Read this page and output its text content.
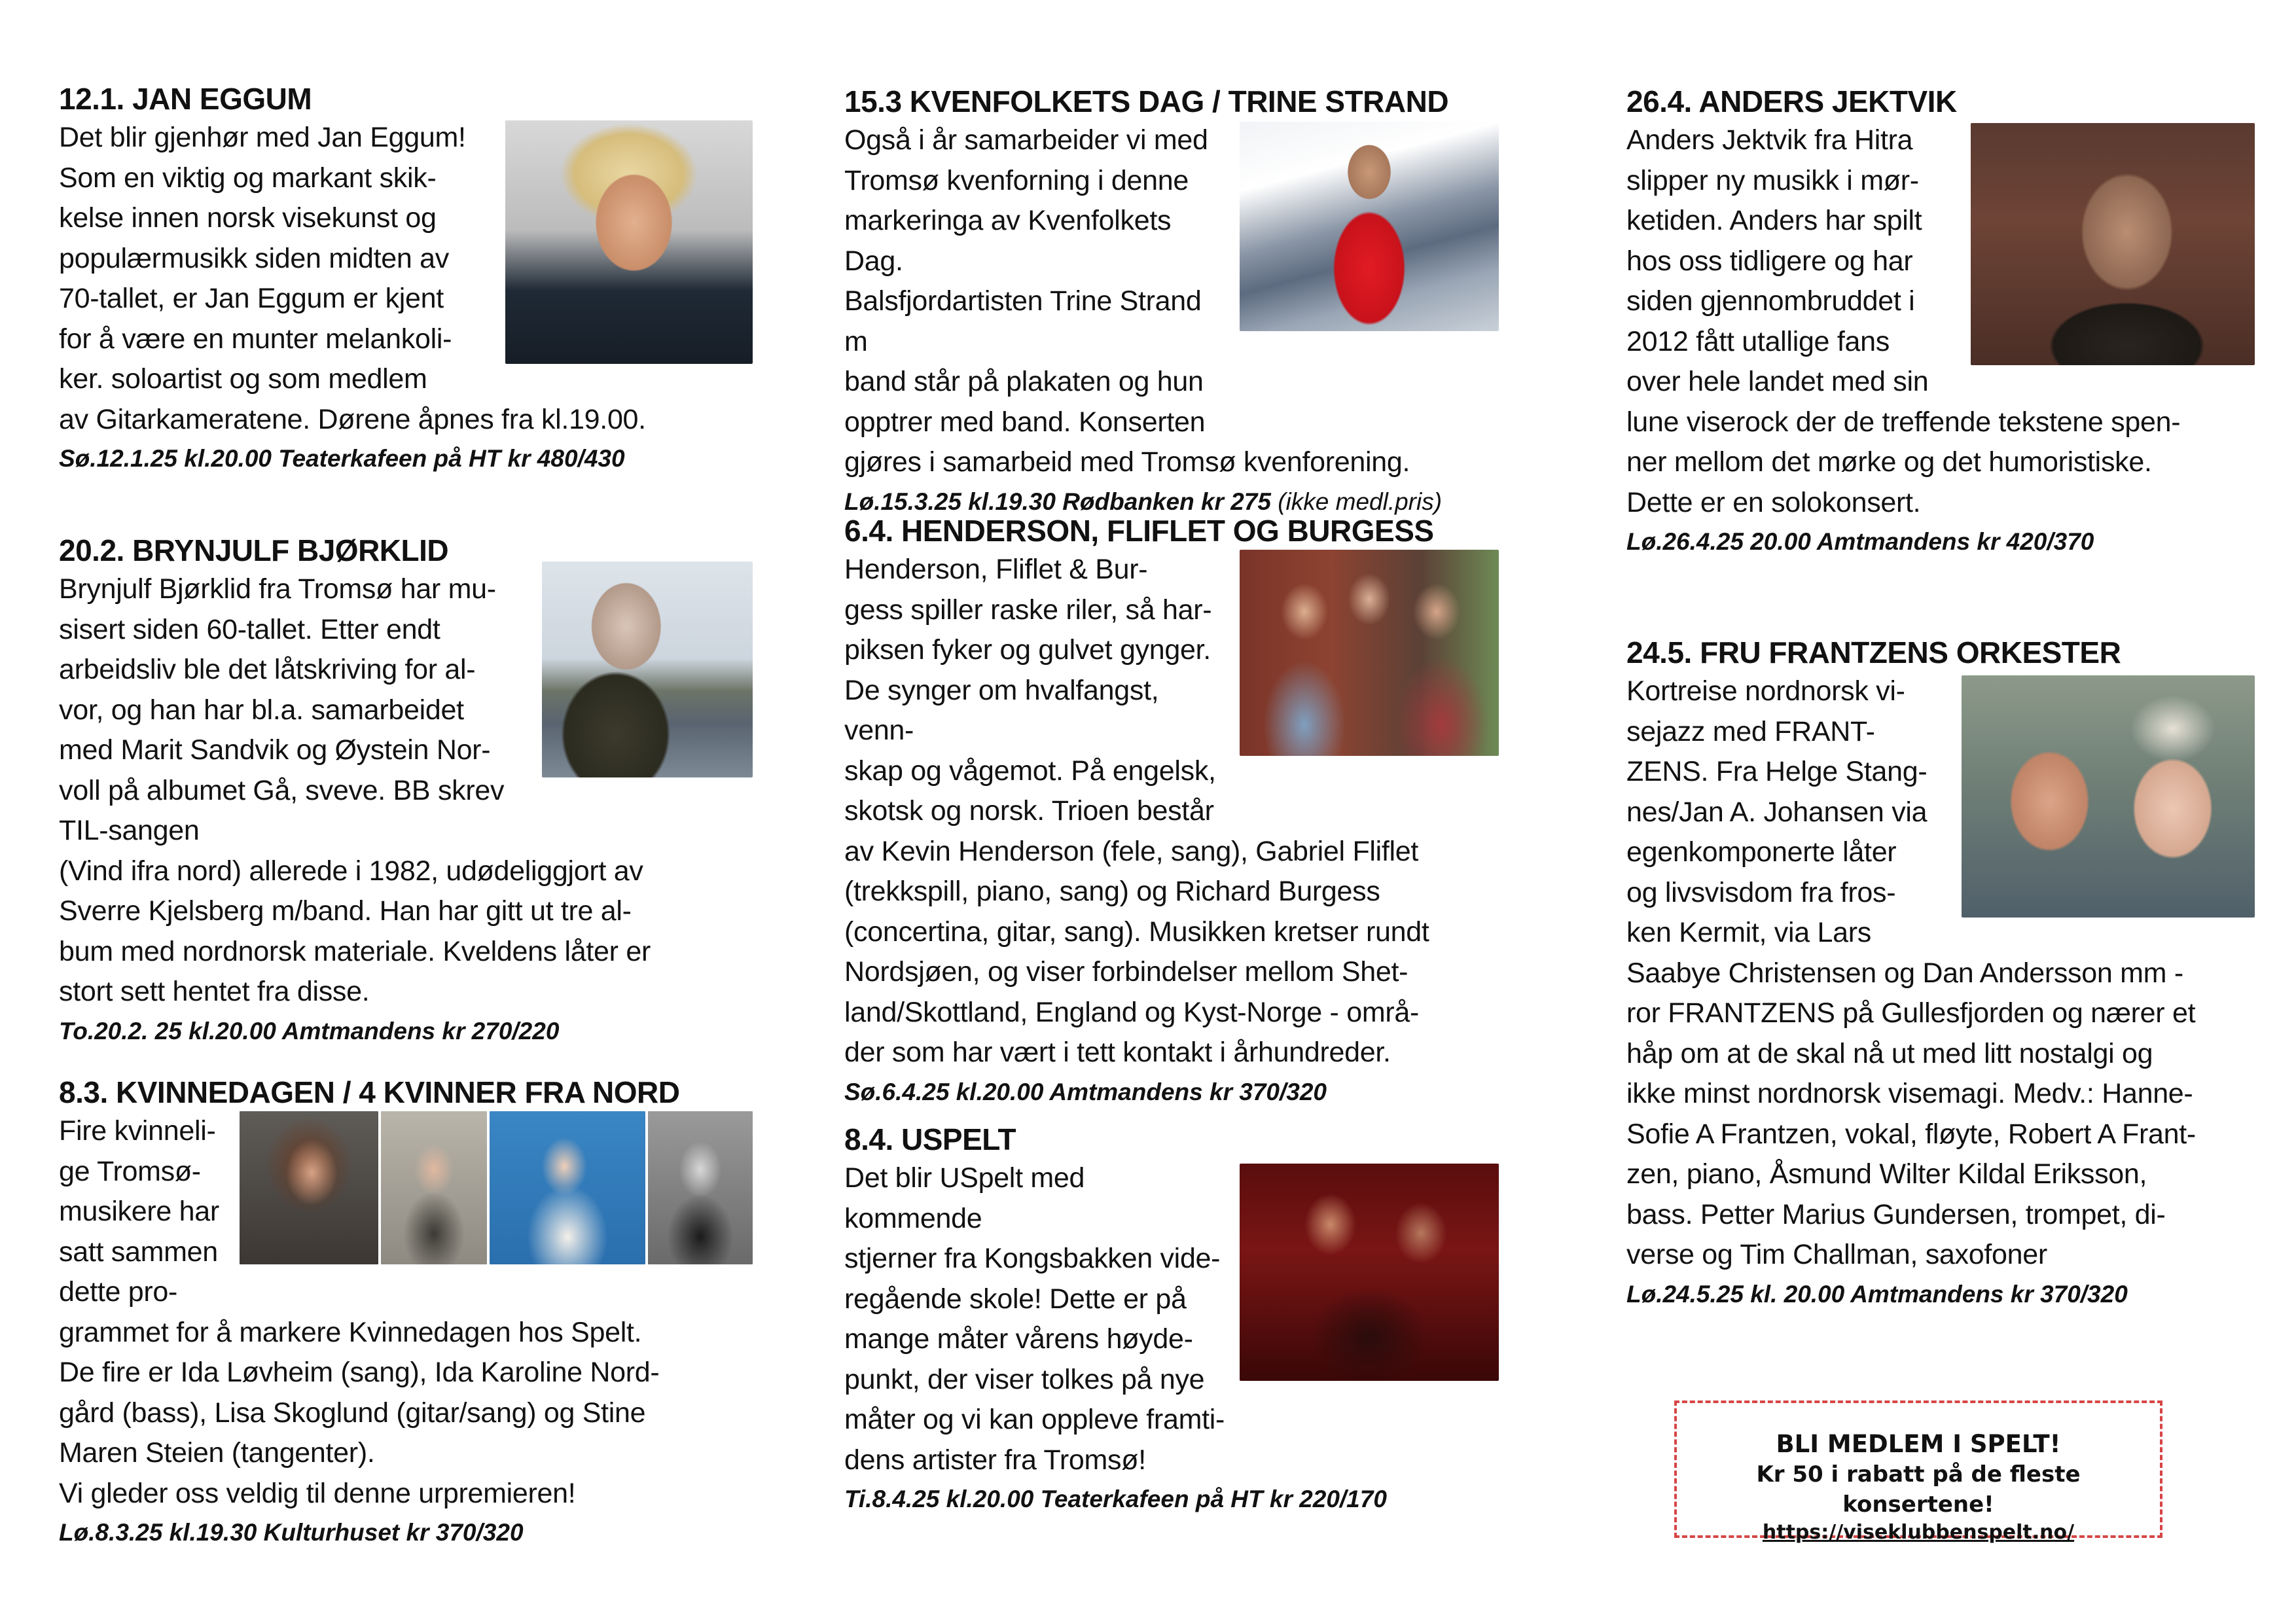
12.1. JAN EGGUM

Det blir gjenhør med Jan Eggum!
Som en viktig og markant skik-
kelse innen norsk visekunst og
populærmusikk siden midten av
70-tallet, er Jan Eggum er kjent
for å være en munter melankoli-
ker. soloartist og som medlem
av Gitarkameratene. Dørene åpnes fra kl.19.00.

Sø.12.1.25 kl.20.00 Teaterkafeen på HT kr 480/430
20.2. BRYNJULF BJØRKLID

Brynjulf Bjørklid fra Tromsø har mu-
sisert siden 60-tallet. Etter endt
arbeidsliv ble det låtskriving for al-
vor, og han har bl.a. samarbeidet
med Marit Sandvik og Øystein Nor-
voll på albumet Gå, sveve. BB skrev TIL-sangen
(Vind ifra nord) allerede i 1982, udødeliggjort av
Sverre Kjelsberg m/band. Han har gitt ut tre al-
bum med nordnorsk materiale. Kveldens låter er
stort sett hentet fra disse.

To.20.2. 25 kl.20.00 Amtmandens kr 270/220
8.3. KVINNEDAGEN / 4 KVINNER FRA NORD

Fire kvinneli-
ge Tromsø-
musikere har
satt sammen
dette pro-
grammet for å markere Kvinnedagen hos Spelt.
De fire er Ida Løvheim (sang), Ida Karoline Nord-
gård (bass), Lisa Skoglund (gitar/sang) og Stine
Maren Steien (tangenter).
Vi gleder oss veldig til denne urpremieren!

Lø.8.3.25 kl.19.30 Kulturhuset kr 370/320
15.3 KVENFOLKETS DAG / TRINE STRAND

Også i år samarbeider vi med
Tromsø kvenforning i denne
markeringa av Kvenfolkets Dag.
Balsfjordartisten Trine Strand m
band står på plakaten og hun
opptrer med band. Konserten
gjøres i samarbeid med Tromsø kvenforening.

Lø.15.3.25 kl.19.30 Rødbanken kr 275 (ikke medl.pris)
6.4. HENDERSON, FLIFLET OG BURGESS

Henderson, Fliflet & Bur-
gess spiller raske riler, så har-
piksen fyker og gulvet gynger.
De synger om hvalfangst, venn-
skap og vågemot. På engelsk,
skotsk og norsk. Trioen består
av Kevin Henderson (fele, sang), Gabriel Fliflet
(trekkspill, piano, sang) og Richard Burgess
(concertina, gitar, sang). Musikken kretser rundt
Nordsjøen, og viser forbindelser mellom Shet-
land/Skottland, England og Kyst-Norge - områ-
der som har vært i tett kontakt i århundreder.

Sø.6.4.25 kl.20.00 Amtmandens kr 370/320
8.4. USPELT

Det blir USpelt med kommende
stjerner fra Kongsbakken vide-
regående skole! Dette er på
mange måter vårens høyde-
punkt, der viser tolkes på nye
måter og vi kan oppleve framti-
dens artister fra Tromsø!

Ti.8.4.25 kl.20.00 Teaterkafeen på HT kr 220/170
26.4. ANDERS JEKTVIK

Anders Jektvik fra Hitra
slipper ny musikk i mør-
ketiden. Anders har spilt
hos oss tidligere og har
siden gjennombruddet i
2012 fått utallige fans
over hele landet med sin
lune viserock der de treffende tekstene spen-
ner mellom det mørke og det humoristiske.
Dette er en solokonsert.

Lø.26.4.25 20.00 Amtmandens kr 420/370
24.5. FRU FRANTZENS ORKESTER

Kortreise nordnorsk vi-
sejazz med FRANT-
ZENS. Fra Helge Stang-
nes/Jan A. Johansen via
egenkomponerte låter
og livsvisdom fra fros-
ken Kermit, via Lars
Saabye Christensen og Dan Andersson mm -
ror FRANTZENS på Gullesfjorden og nærer et
håp om at de skal nå ut med litt nostalgi og
ikke minst nordnorsk visemagi. Medv.: Hanne-
Sofie A Frantzen, vokal, fløyte, Robert A Frant-
zen, piano, Åsmund Wilter Kildal Eriksson,
bass. Petter Marius Gundersen, trompet, di-
verse og Tim Challman, saxofoner

Lø.24.5.25 kl. 20.00 Amtmandens kr 370/320
BLI MEDLEM I SPELT!
Kr 50 i rabatt på de fleste konsertene!
https://viseklubbenspelt.no/
